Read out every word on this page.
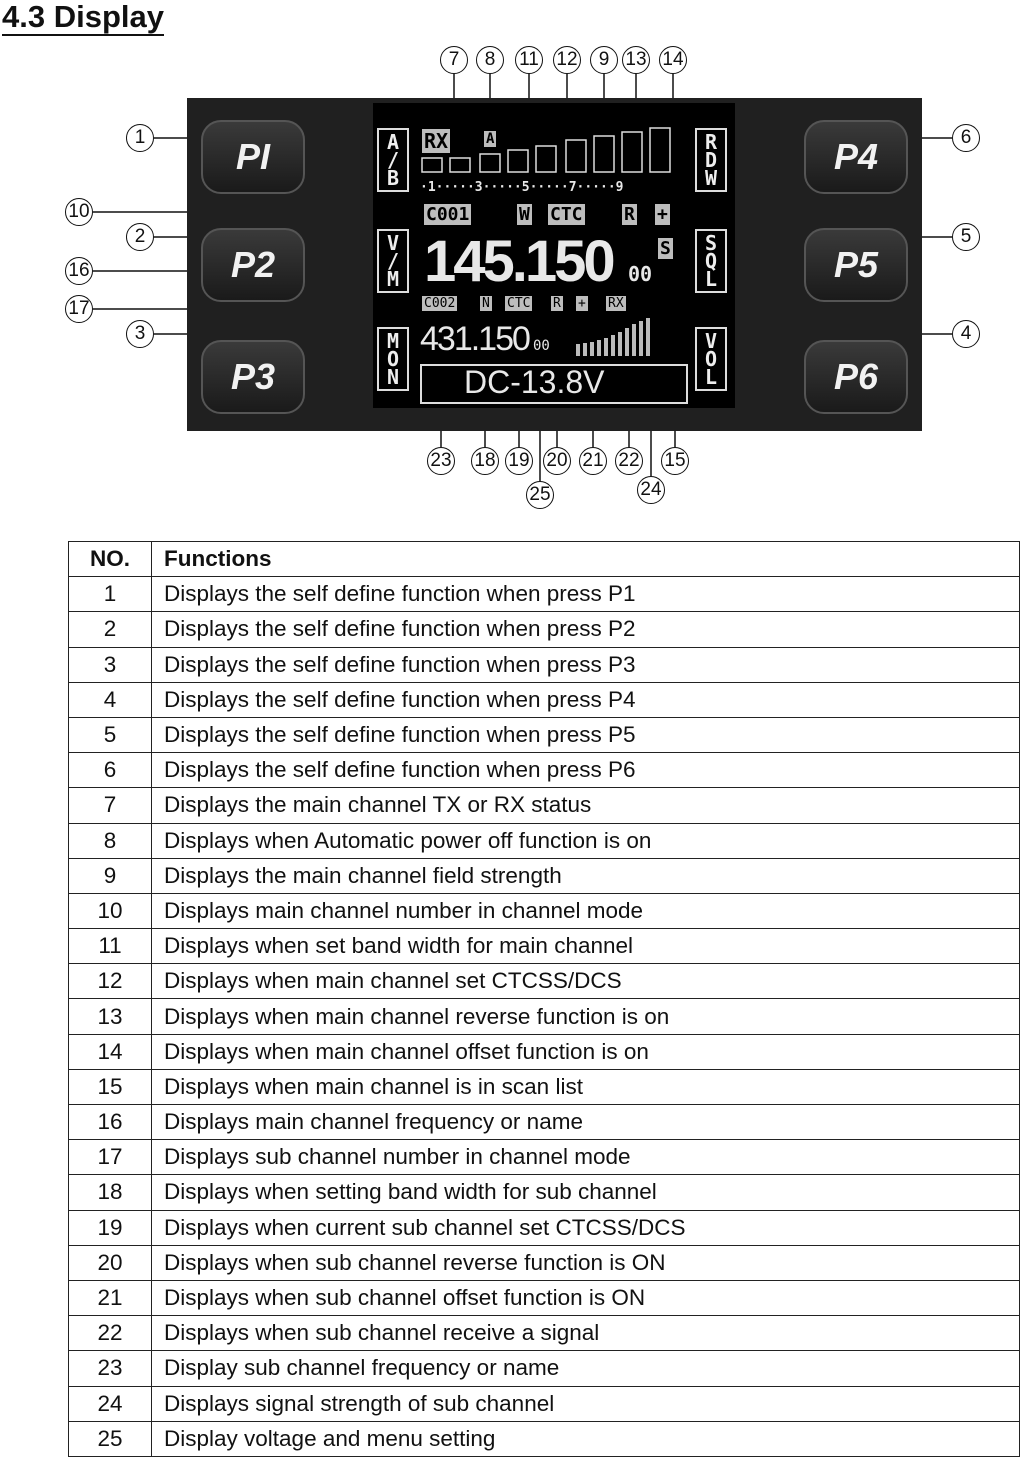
4.3 Display
PI
P2
P3
P4
P5
P6
A
/
B
V
/
M
M
O
N
R
D
W
S
Q
L
V
O
L
RX	A
·1·····3·····5·····7·····9
C001	W CTC R +
145.150 00
S
C002 N CTC R + RX
431.150 00
DC-13.8V
7	8	11 12	9 13 14
1	6
10
2	5
16
17
3	4
23 18 19 20 21 22 15
25	24
NO.	Functions
1	Displays the self define function when press P1
2	Displays the self define function when press P2
3	Displays the self define function when press P3
4	Displays the self define function when press P4
5	Displays the self define function when press P5
6	Displays the self define function when press P6
7	Displays the main channel TX or RX status
8	Displays when Automatic power off function is on
9	Displays the main channel field strength
10	Displays main channel number in channel mode
11	Displays when set band width for main channel
12	Displays when main channel set CTCSS/DCS
13	Displays when main channel reverse function is on
14	Displays when main channel offset function is on
15	Displays when main channel is in scan list
16	Displays main channel frequency or name
17	Displays sub channel number in channel mode
18	Displays when setting band width for sub channel
19	Displays when current sub channel set CTCSS/DCS
20	Displays when sub channel reverse function is ON
21	Displays when sub channel offset function is ON
22	Displays when sub channel receive a signal
23	Display sub channel frequency or name
24	Displays signal strength of sub channel
25	Display voltage and menu setting
